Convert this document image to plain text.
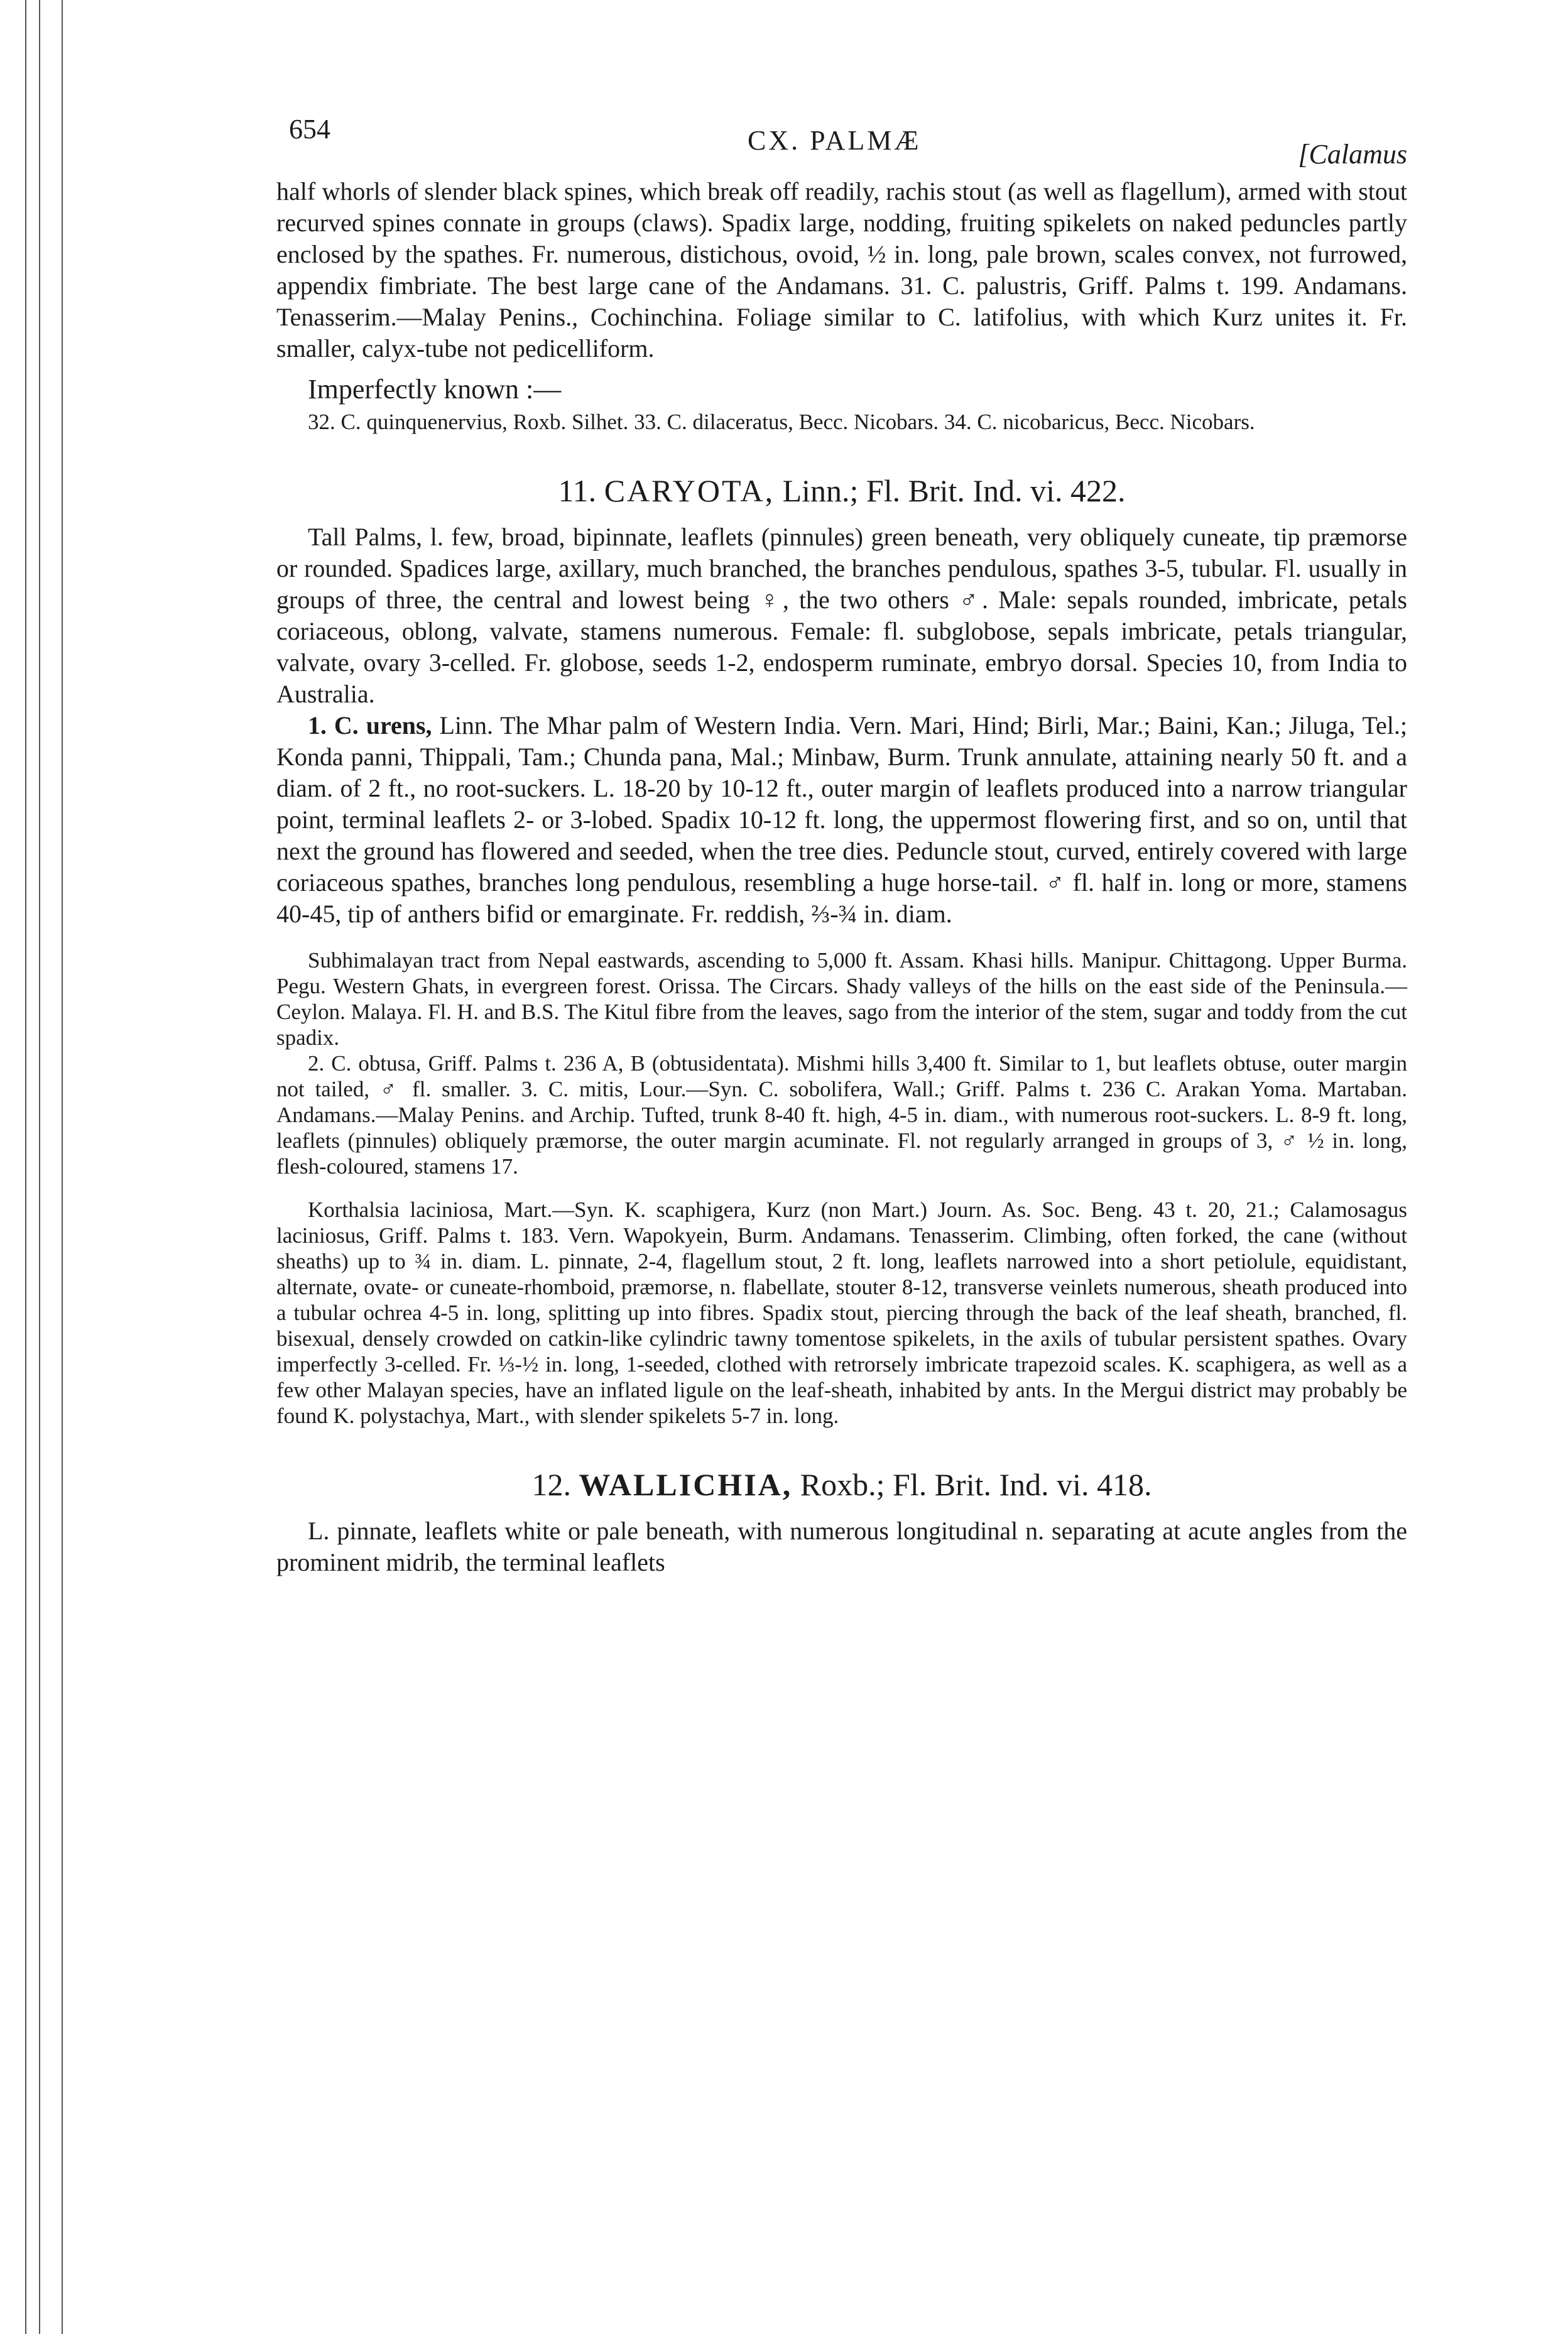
654	CX. PALMÆ	[Calamus

half whorls of slender black spines, which break off readily, rachis stout (as well as flagellum), armed with stout recurved spines connate in groups (claws). Spadix large, nodding, fruiting spikelets on naked peduncles partly enclosed by the spathes. Fr. numerous, distichous, ovoid, ½ in. long, pale brown, scales convex, not furrowed, appendix fimbriate. The best large cane of the Andamans. 31. C. palustris, Griff. Palms t. 199. Andamans. Tenasserim.—Malay Penins., Cochinchina. Foliage similar to C. latifolius, with which Kurz unites it. Fr. smaller, calyx-tube not pedicelliform.

Imperfectly known :—

32. C. quinquenervius, Roxb. Silhet. 33. C. dilaceratus, Becc. Nicobars. 34. C. nicobaricus, Becc. Nicobars.

11. CARYOTA, Linn.; Fl. Brit. Ind. vi. 422.

Tall Palms, l. few, broad, bipinnate, leaflets (pinnules) green beneath, very obliquely cuneate, tip præmorse or rounded. Spadices large, axillary, much branched, the branches pendulous, spathes 3-5, tubular. Fl. usually in groups of three, the central and lowest being ♀, the two others ♂. Male: sepals rounded, imbricate, petals coriaceous, oblong, valvate, stamens numerous. Female: fl. subglobose, sepals imbricate, petals triangular, valvate, ovary 3-celled. Fr. globose, seeds 1-2, endosperm ruminate, embryo dorsal. Species 10, from India to Australia.

1. C. urens, Linn. The Mhar palm of Western India. Vern. Mari, Hind; Birli, Mar.; Baini, Kan.; Jiluga, Tel.; Konda panni, Thippali, Tam.; Chunda pana, Mal.; Minbaw, Burm. Trunk annulate, attaining nearly 50 ft. and a diam. of 2 ft., no root-suckers. L. 18-20 by 10-12 ft., outer margin of leaflets produced into a narrow triangular point, terminal leaflets 2- or 3-lobed. Spadix 10-12 ft. long, the uppermost flowering first, and so on, until that next the ground has flowered and seeded, when the tree dies. Peduncle stout, curved, entirely covered with large coriaceous spathes, branches long pendulous, resembling a huge horse-tail. ♂ fl. half in. long or more, stamens 40-45, tip of anthers bifid or emarginate. Fr. reddish, ⅔-¾ in. diam.

Subhimalayan tract from Nepal eastwards, ascending to 5,000 ft. Assam. Khasi hills. Manipur. Chittagong. Upper Burma. Pegu. Western Ghats, in evergreen forest. Orissa. The Circars. Shady valleys of the hills on the east side of the Peninsula.—Ceylon. Malaya. Fl. H. and B.S. The Kitul fibre from the leaves, sago from the interior of the stem, sugar and toddy from the cut spadix.

2. C. obtusa, Griff. Palms t. 236 A, B (obtusidentata). Mishmi hills 3,400 ft. Similar to 1, but leaflets obtuse, outer margin not tailed, ♂ fl. smaller. 3. C. mitis, Lour.—Syn. C. sobolifera, Wall.; Griff. Palms t. 236 C. Arakan Yoma. Martaban. Andamans.—Malay Penins. and Archip. Tufted, trunk 8-40 ft. high, 4-5 in. diam., with numerous root-suckers. L. 8-9 ft. long, leaflets (pinnules) obliquely præmorse, the outer margin acuminate. Fl. not regularly arranged in groups of 3, ♂ ½ in. long, flesh-coloured, stamens 17.

Korthalsia laciniosa, Mart.—Syn. K. scaphigera, Kurz (non Mart.) Journ. As. Soc. Beng. 43 t. 20, 21.; Calamosagus laciniosus, Griff. Palms t. 183. Vern. Wapokyein, Burm. Andamans. Tenasserim. Climbing, often forked, the cane (without sheaths) up to ¾ in. diam. L. pinnate, 2-4, flagellum stout, 2 ft. long, leaflets narrowed into a short petiolule, equidistant, alternate, ovate- or cuneate-rhomboid, præmorse, n. flabellate, stouter 8-12, transverse veinlets numerous, sheath produced into a tubular ochrea 4-5 in. long, splitting up into fibres. Spadix stout, piercing through the back of the leaf sheath, branched, fl. bisexual, densely crowded on catkin-like cylindric tawny tomentose spikelets, in the axils of tubular persistent spathes. Ovary imperfectly 3-celled. Fr. ⅓-½ in. long, 1-seeded, clothed with retrorsely imbricate trapezoid scales. K. scaphigera, as well as a few other Malayan species, have an inflated ligule on the leaf-sheath, inhabited by ants. In the Mergui district may probably be found K. polystachya, Mart., with slender spikelets 5-7 in. long.

12. WALLICHIA, Roxb.; Fl. Brit. Ind. vi. 418.

L. pinnate, leaflets white or pale beneath, with numerous longitudinal n. separating at acute angles from the prominent midrib, the terminal leaflets
